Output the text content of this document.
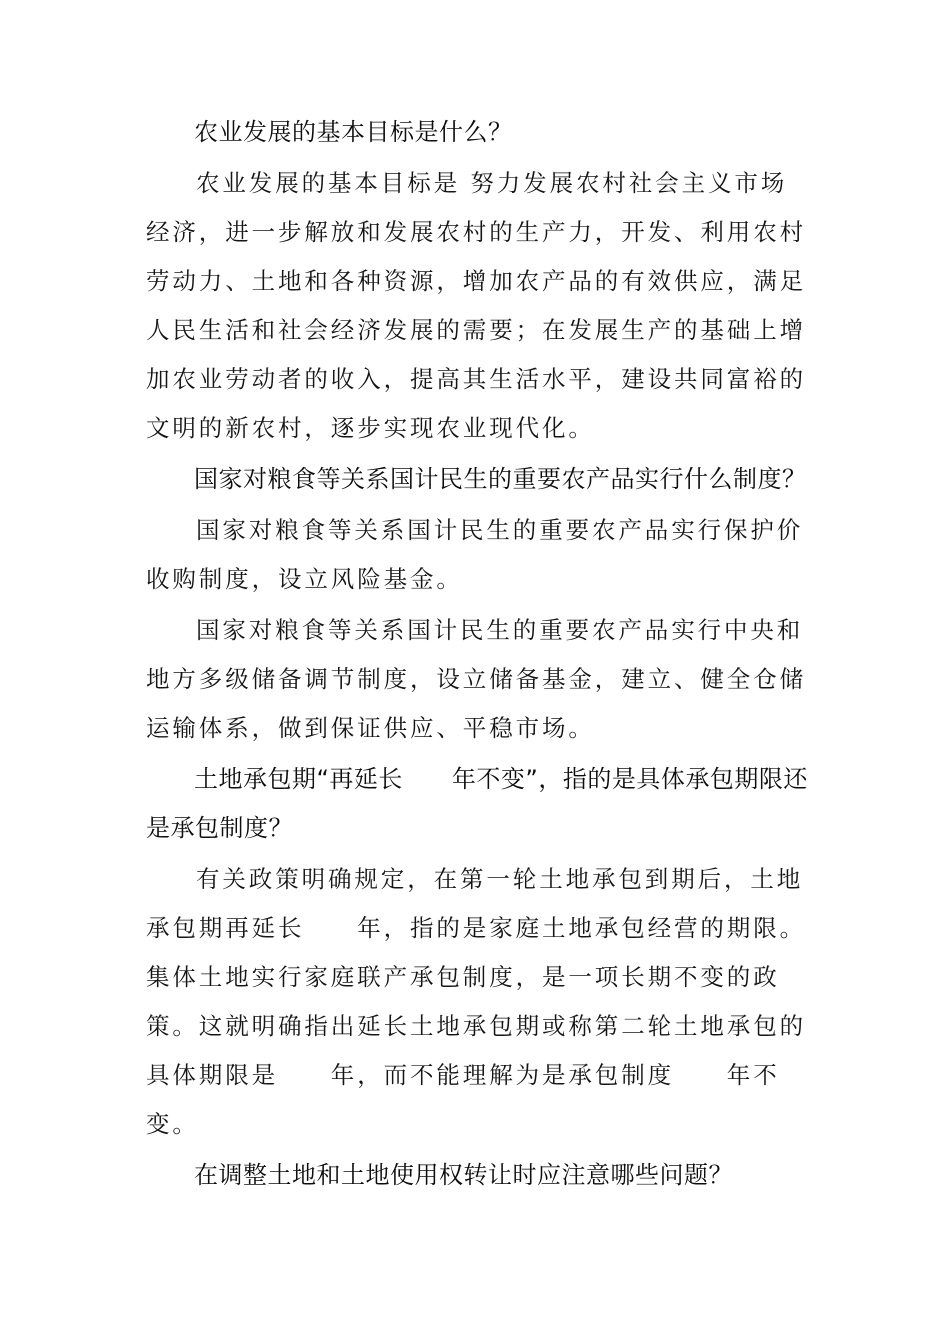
农业发展的基本目标是什么？

农业发展的基本目标是 努力发展农村社会主义市场经济，进一步解放和发展农村的生产力，开发、利用农村劳动力、土地和各种资源，增加农产品的有效供应，满足人民生活和社会经济发展的需要；在发展生产的基础上增加农业劳动者的收入，提高其生活水平，建设共同富裕的文明的新农村，逐步实现农业现代化。

国家对粮食等关系国计民生的重要农产品实行什么制度？

国家对粮食等关系国计民生的重要农产品实行保护价收购制度，设立风险基金。

国家对粮食等关系国计民生的重要农产品实行中央和地方多级储备调节制度，设立储备基金，建立、健全仓储运输体系，做到保证供应、平稳市场。

土地承包期“再延长　　年不变”，指的是具体承包期限还是承包制度？

有关政策明确规定，在第一轮土地承包到期后，土地承包期再延长　　年，指的是家庭土地承包经营的期限。集体土地实行家庭联产承包制度，是一项长期不变的政策。这就明确指出延长土地承包期或称第二轮土地承包的具体期限是　　年，而不能理解为是承包制度　　年不变。

在调整土地和土地使用权转让时应注意哪些问题？
